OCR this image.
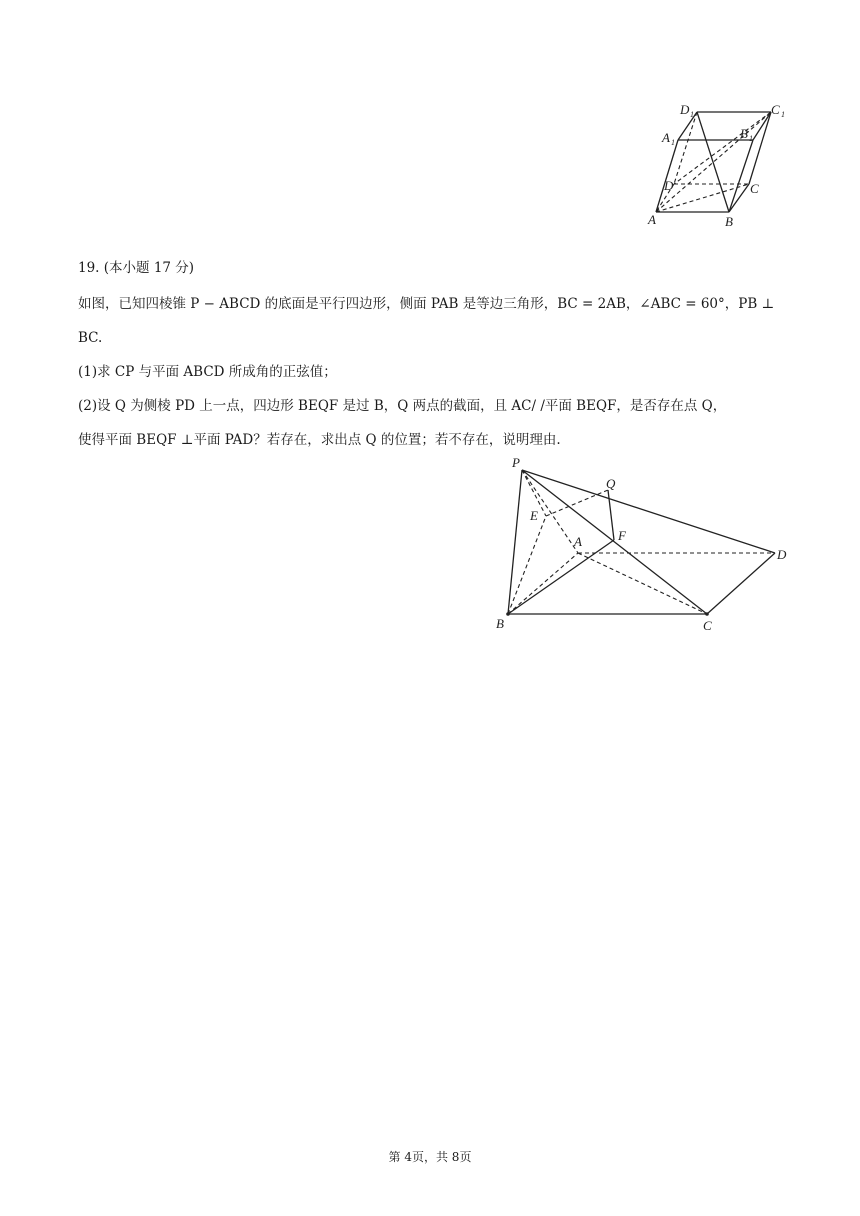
D 1	C 1
A 1
B 1
D	C
A	B
19. (本小题 17 分)
如图，已知四棱锥 P − ABCD 的底面是平行四边形，侧面 PAB 是等边三角形，BC = 2AB，∠ABC = 60°，PB ⊥
BC.
(1)求 CP 与平面 ABCD 所成角的正弦值；
(2)设 Q 为侧棱 PD 上一点，四边形 BEQF 是过 B，Q 两点的截面，且 AC/ /平面 BEQF，是否存在点 Q，
使得平面 BEQF ⊥平面 PAD？若存在，求出点 Q 的位置；若不存在，说明理由.
P
Q
E
A	F
D
B	C
第 4页，共 8页
